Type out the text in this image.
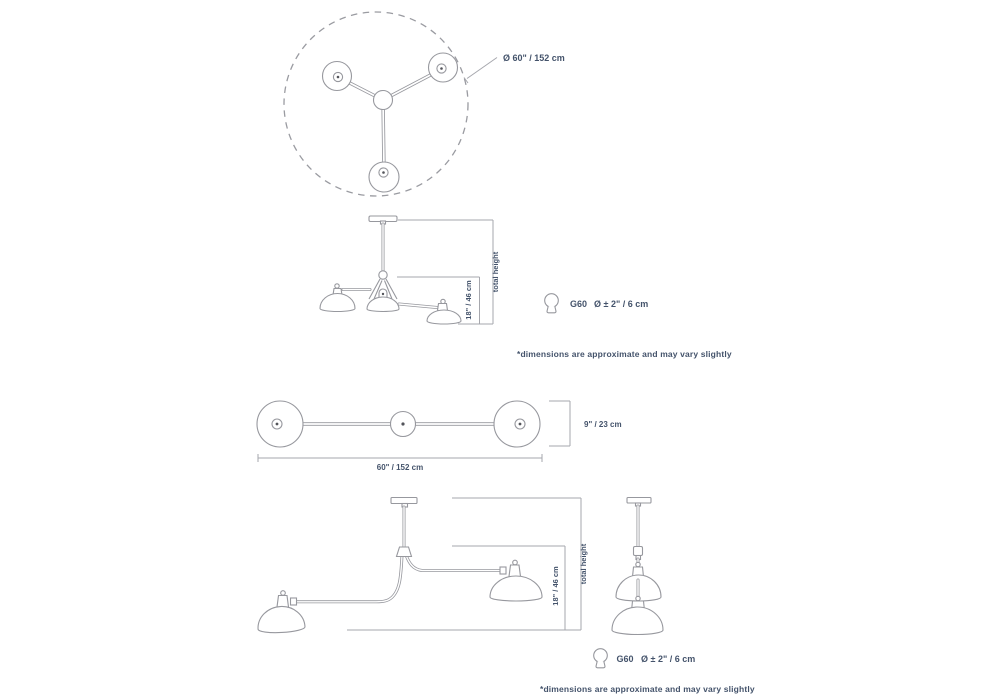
Ø 60" / 152 cm
total height
18" / 46 cm	G60 Ø ± 2" / 6 cm
*dimensions are approximate and may vary slightly
9" / 23 cm
60" / 152 cm
total height
18" / 46 cm
G60 Ø ± 2" / 6 cm
*dimensions are approximate and may vary slightly
